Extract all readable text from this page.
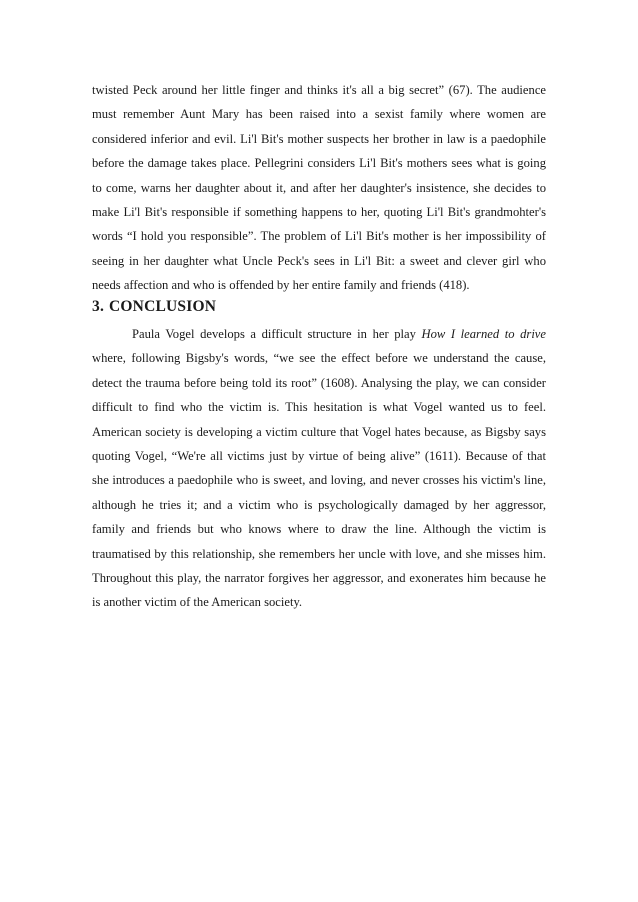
twisted Peck around her little finger and thinks it's all a big secret” (67). The audience must remember Aunt Mary has been raised into a sexist family where women are considered inferior and evil. Li'l Bit's mother suspects her brother in law is a paedophile before the damage takes place. Pellegrini considers Li'l Bit's mothers sees what is going to come, warns her daughter about it, and after her daughter's insistence, she decides to make Li'l Bit's responsible if something happens to her, quoting Li'l Bit's grandmohter's words “I hold you responsible”. The problem of Li'l Bit's mother is her impossibility of seeing in her daughter what Uncle Peck's sees in Li'l Bit: a sweet and clever girl who needs affection and who is offended by her entire family and friends (418).

3. CONCLUSION

Paula Vogel develops a difficult structure in her play How I learned to drive where, following Bigsby's words, “we see the effect before we understand the cause, detect the trauma before being told its root” (1608). Analysing the play, we can consider difficult to find who the victim is. This hesitation is what Vogel wanted us to feel. American society is developing a victim culture that Vogel hates because, as Bigsby says quoting Vogel, “We're all victims just by virtue of being alive” (1611). Because of that she introduces a paedophile who is sweet, and loving, and never crosses his victim's line, although he tries it; and a victim who is psychologically damaged by her aggressor, family and friends but who knows where to draw the line. Although the victim is traumatised by this relationship, she remembers her uncle with love, and she misses him. Throughout this play, the narrator forgives her aggressor, and exonerates him because he is another victim of the American society.
